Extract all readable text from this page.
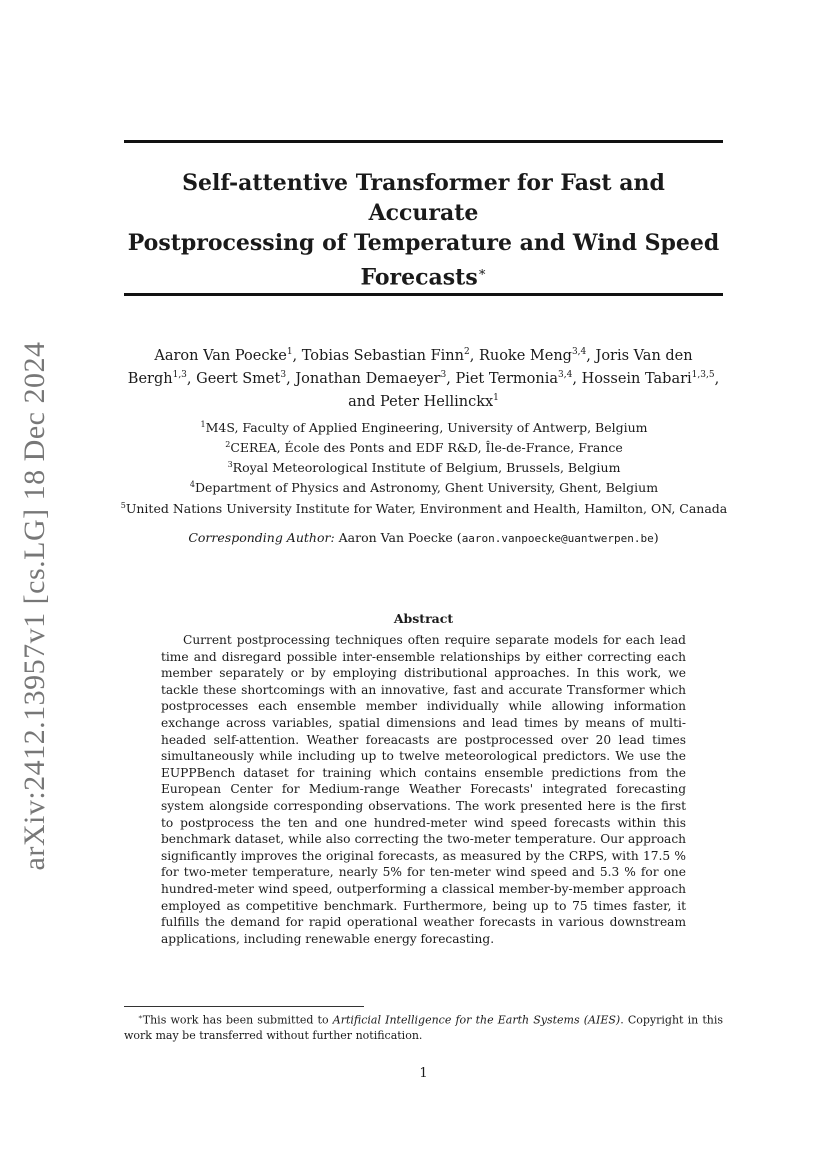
arXiv:2412.13957v1 [cs.LG] 18 Dec 2024
Self-attentive Transformer for Fast and Accurate
Postprocessing of Temperature and Wind Speed
Forecasts∗
Aaron Van Poecke$^1$, Tobias Sebastian Finn$^2$, Ruoke Meng$^{3,4}$, Joris Van den Bergh$^{1,3}$, Geert Smet$^3$, Jonathan Demaeyer$^3$, Piet Termonia$^{3,4}$, Hossein Tabari$^{1,3,5}$, and Peter Hellinckx$^1$
$^1$M4S, Faculty of Applied Engineering, University of Antwerp, Belgium
$^2$CEREA, École des Ponts and EDF R&D, Île-de-France, France
$^3$Royal Meteorological Institute of Belgium, Brussels, Belgium
$^4$Department of Physics and Astronomy, Ghent University, Ghent, Belgium
$^5$United Nations University Institute for Water, Environment and Health, Hamilton, ON, Canada
Corresponding Author: Aaron Van Poecke (aaron.vanpoecke@uantwerpen.be)
Abstract

Current postprocessing techniques often require separate models for each lead time and disregard possible inter-ensemble relationships by either correcting each member separately or by employing distributional approaches. In this work, we tackle these shortcomings with an innovative, fast and accurate Transformer which postprocesses each ensemble member individually while allowing information exchange across variables, spatial dimensions and lead times by means of multi-headed self-attention. Weather foreacasts are postprocessed over 20 lead times simultaneously while including up to twelve meteorological predictors. We use the EUPPBench dataset for training which contains ensemble predictions from the European Center for Medium-range Weather Forecasts' integrated forecasting system alongside corresponding observations. The work presented here is the first to postprocess the ten and one hundred-meter wind speed forecasts within this benchmark dataset, while also correcting the two-meter temperature. Our approach significantly improves the original forecasts, as measured by the CRPS, with 17.5 % for two-meter temperature, nearly 5% for ten-meter wind speed and 5.3 % for one hundred-meter wind speed, outperforming a classical member-by-member approach employed as competitive benchmark. Furthermore, being up to 75 times faster, it fulfills the demand for rapid operational weather forecasts in various downstream applications, including renewable energy forecasting.

∗This work has been submitted to Artificial Intelligence for the Earth Systems (AIES). Copyright in this work may be transferred without further notification.

1
